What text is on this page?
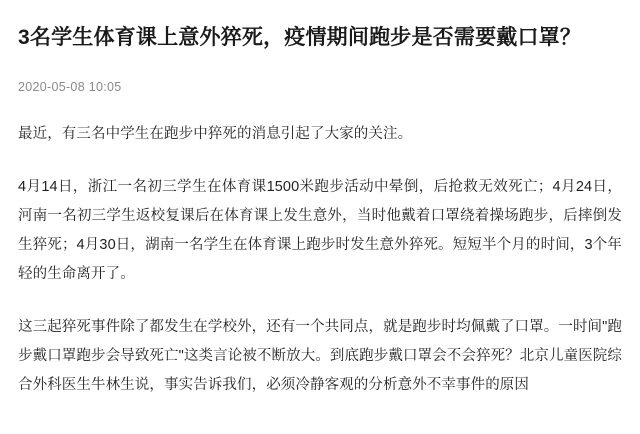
3名学生体育课上意外猝死，疫情期间跑步是否需要戴口罩？
2020-05-08 10:05

最近，有三名中学生在跑步中猝死的消息引起了大家的关注。

4月14日，浙江一名初三学生在体育课1500米跑步活动中晕倒，后抢救无效死亡；4月24日，河南一名初三学生返校复课后在体育课上发生意外，当时他戴着口罩绕着操场跑步，后摔倒发生猝死；4月30日，湖南一名学生在体育课上跑步时发生意外猝死。短短半个月的时间，3个年轻的生命离开了。

这三起猝死事件除了都发生在学校外，还有一个共同点，就是跑步时均佩戴了口罩。一时间"跑步戴口罩跑步会导致死亡"这类言论被不断放大。到底跑步戴口罩会不会猝死？北京儿童医院综合外科医生牛林生说，事实告诉我们，必须冷静客观的分析意外不幸事件的原因
